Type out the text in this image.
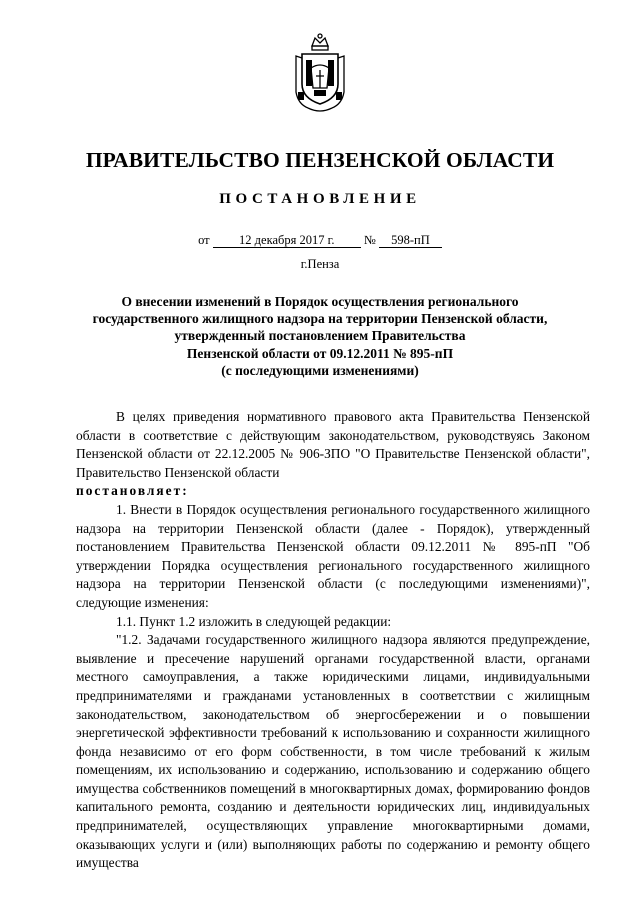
ПРАВИТЕЛЬСТВО ПЕНЗЕНСКОЙ ОБЛАСТИ
ПОСТАНОВЛЕНИЕ
от 12 декабря 2017 г. № 598-пП
г.Пенза
О внесении изменений в Порядок осуществления регионального
государственного жилищного надзора на территории Пензенской области,
утвержденный постановлением Правительства
Пензенской области от 09.12.2011 № 895-пП
(с последующими изменениями)

В целях приведения нормативного правового акта Правительства Пензенской области в соответствие с действующим законодательством, руководствуясь Законом Пензенской области от 22.12.2005 № 906-ЗПО "О Правительстве Пензенской области", Правительство Пензенской области

постановляет:

1. Внести в Порядок осуществления регионального государственного жилищного надзора на территории Пензенской области (далее - Порядок), утвержденный постановлением Правительства Пензенской области 09.12.2011 № 895-пП "Об утверждении Порядка осуществления регионального государственного жилищного надзора на территории Пензенской области (с последующими изменениями)", следующие изменения:

1.1. Пункт 1.2 изложить в следующей редакции:

"1.2. Задачами государственного жилищного надзора являются предупреждение, выявление и пресечение нарушений органами государственной власти, органами местного самоуправления, а также юридическими лицами, индивидуальными предпринимателями и гражданами установленных в соответствии с жилищным законодательством, законодательством об энергосбережении и о повышении энергетической эффективности требований к использованию и сохранности жилищного фонда независимо от его форм собственности, в том числе требований к жилым помещениям, их использованию и содержанию, использованию и содержанию общего имущества собственников помещений в многоквартирных домах, формированию фондов капитального ремонта, созданию и деятельности юридических лиц, индивидуальных предпринимателей, осуществляющих управление многоквартирными домами, оказывающих услуги и (или) выполняющих работы по содержанию и ремонту общего имущества
